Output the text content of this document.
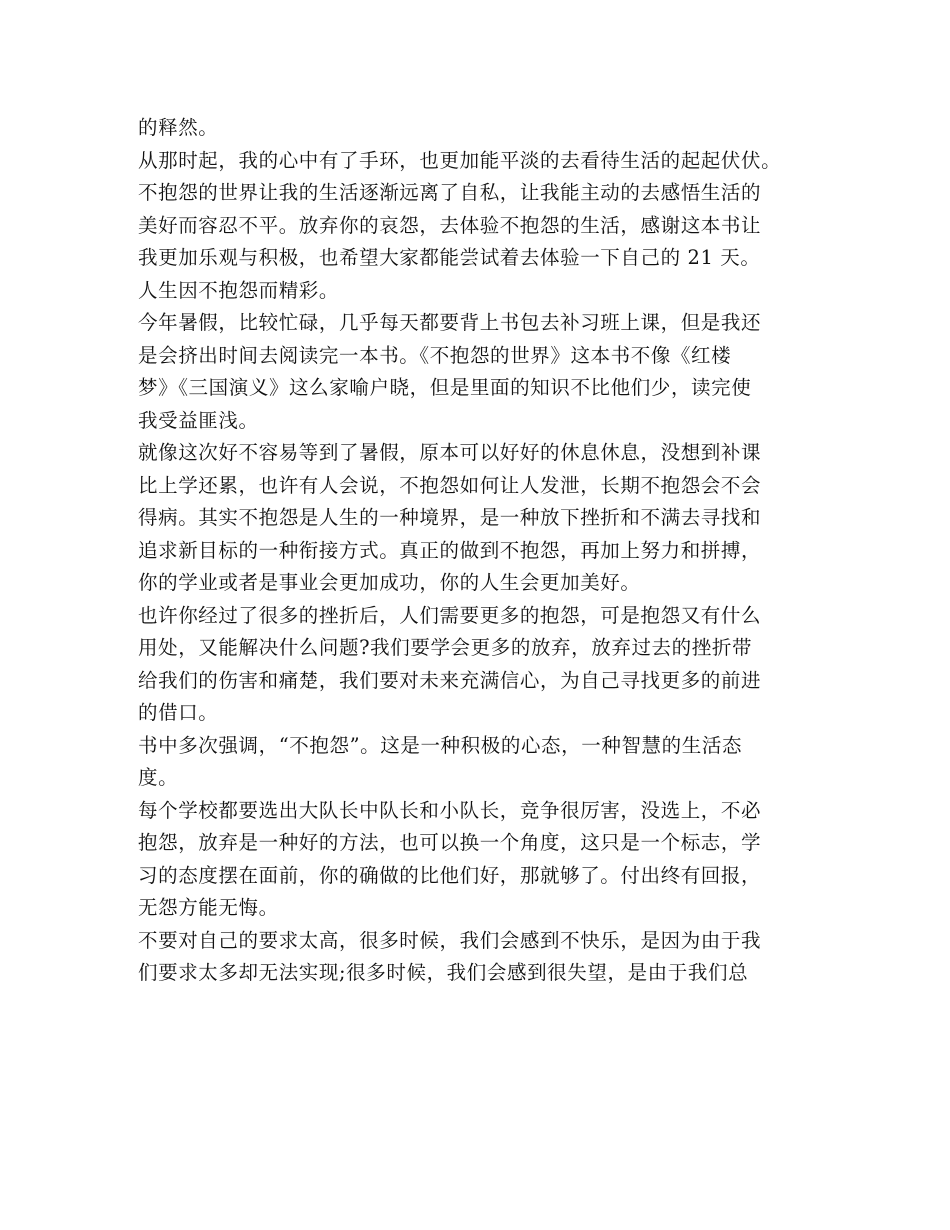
的释然。
从那时起，我的心中有了手环，也更加能平淡的去看待生活的起起伏伏。
不抱怨的世界让我的生活逐渐远离了自私，让我能主动的去感悟生活的
美好而容忍不平。放弃你的哀怨，去体验不抱怨的生活，感谢这本书让
我更加乐观与积极，也希望大家都能尝试着去体验一下自己的 21 天。
人生因不抱怨而精彩。
今年暑假，比较忙碌，几乎每天都要背上书包去补习班上课，但是我还
是会挤出时间去阅读完一本书。《不抱怨的世界》这本书不像《红楼
梦》《三国演义》这么家喻户晓，但是里面的知识不比他们少，读完使
我受益匪浅。
就像这次好不容易等到了暑假，原本可以好好的休息休息，没想到补课
比上学还累，也许有人会说，不抱怨如何让人发泄，长期不抱怨会不会
得病。其实不抱怨是人生的一种境界，是一种放下挫折和不满去寻找和
追求新目标的一种衔接方式。真正的做到不抱怨，再加上努力和拼搏，
你的学业或者是事业会更加成功，你的人生会更加美好。
也许你经过了很多的挫折后，人们需要更多的抱怨，可是抱怨又有什么
用处，又能解决什么问题?我们要学会更多的放弃，放弃过去的挫折带
给我们的伤害和痛楚，我们要对未来充满信心，为自己寻找更多的前进
的借口。
书中多次强调，“不抱怨”。这是一种积极的心态，一种智慧的生活态
度。
每个学校都要选出大队长中队长和小队长，竞争很厉害，没选上，不必
抱怨，放弃是一种好的方法，也可以换一个角度，这只是一个标志，学
习的态度摆在面前，你的确做的比他们好，那就够了。付出终有回报，
无怨方能无悔。
不要对自己的要求太高，很多时候，我们会感到不快乐，是因为由于我
们要求太多却无法实现;很多时候，我们会感到很失望，是由于我们总
